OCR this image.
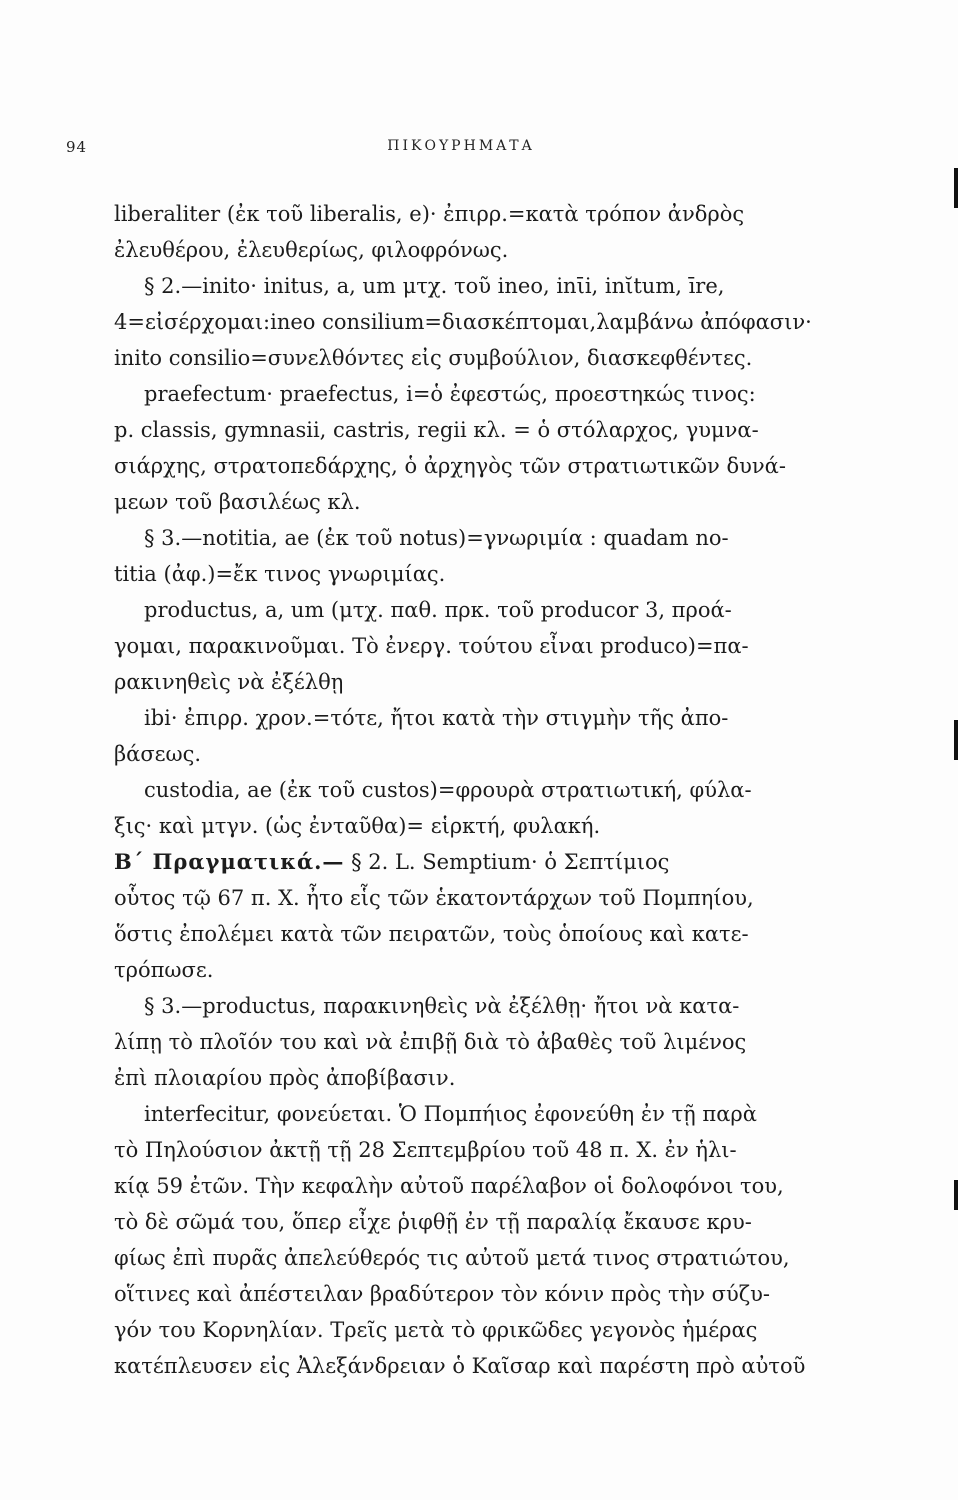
94	ΠΙΚΟΥΡΗΜΑΤΑ
liberaliter (ἐκ τοῦ liberalis, e)· ἐπιρρ.=κατὰ τρόπον ἀνδρὸς
ἐλευθέρου, ἐλευθερίως, φιλοφρόνως.
§ 2.—inito· initus, a, um μτχ. τοῦ ineo, inῑi, inῐtum, īre,
4=εἰσέρχομαι:ineo consilium=διασκέπτομαι,λαμβάνω ἀπόφασιν·
inito consilio=συνελθόντες εἰς συμβούλιον, διασκεφθέντες.
praefectum· praefectus, i=ὁ ἐφεστώς, προεστηκώς τινος:
p. classis, gymnasii, castris, regii κλ. = ὁ στόλαρχος, γυμνα-
σιάρχης, στρατοπεδάρχης, ὁ ἀρχηγὸς τῶν στρατιωτικῶν δυνά-
μεων τοῦ βασιλέως κλ.
§ 3.—notitia, ae (ἐκ τοῦ notus)=γνωριμία : quadam no-
titia (ἀφ.)=ἔκ τινος γνωριμίας.
productus, a, um (μτχ. παθ. πρκ. τοῦ producor 3, προά-
γομαι, παρακινοῦμαι. Τὸ ἐνεργ. τούτου εἶναι produco)=πα-
ρακινηθεὶς νὰ ἐξέλθῃ
ibi· ἐπιρρ. χρον.=τότε, ἤτοι κατὰ τὴν στιγμὴν τῆς ἀπο-
βάσεως.
custodia, ae (ἐκ τοῦ custos)=φρουρὰ στρατιωτική, φύλα-
ξις· καὶ μτγν. (ὡς ἐνταῦθα)= εἱρκτή, φυλακή.
Β΄ Πραγματικά.— § 2. L. Semptium· ὁ Σεπτίμιος
οὗτος τῷ 67 π. Χ. ἦτο εἷς τῶν ἑκατοντάρχων τοῦ Πομπηίου,
ὅστις ἐπολέμει κατὰ τῶν πειρατῶν, τοὺς ὁποίους καὶ κατε-
τρόπωσε.
§ 3.—productus, παρακινηθεὶς νὰ ἐξέλθῃ· ἤτοι νὰ κατα-
λίπῃ τὸ πλοῖόν του καὶ νὰ ἐπιβῇ διὰ τὸ ἀβαθὲς τοῦ λιμένος
ἐπὶ πλοιαρίου πρὸς ἀποβίβασιν.
interfecitur, φονεύεται. Ὁ Πομπήιος ἐφονεύθη ἐν τῇ παρὰ
τὸ Πηλούσιον ἀκτῇ τῇ 28 Σεπτεμβρίου τοῦ 48 π. Χ. ἐν ἡλι-
κίᾳ 59 ἐτῶν. Τὴν κεφαλὴν αὐτοῦ παρέλαβον οἱ δολοφόνοι του,
τὸ δὲ σῶμά του, ὅπερ εἶχε ῥιφθῇ ἐν τῇ παραλίᾳ ἔκαυσε κρυ-
φίως ἐπὶ πυρᾶς ἀπελεύθερός τις αὐτοῦ μετά τινος στρατιώτου,
οἵτινες καὶ ἀπέστειλαν βραδύτερον τὸν κόνιν πρὸς τὴν σύζυ-
γόν του Κορνηλίαν. Τρεῖς μετὰ τὸ φρικῶδες γεγονὸς ἡμέρας
κατέπλευσεν εἰς Ἀλεξάνδρειαν ὁ Καῖσαρ καὶ παρέστη πρὸ αὐτοῦ
